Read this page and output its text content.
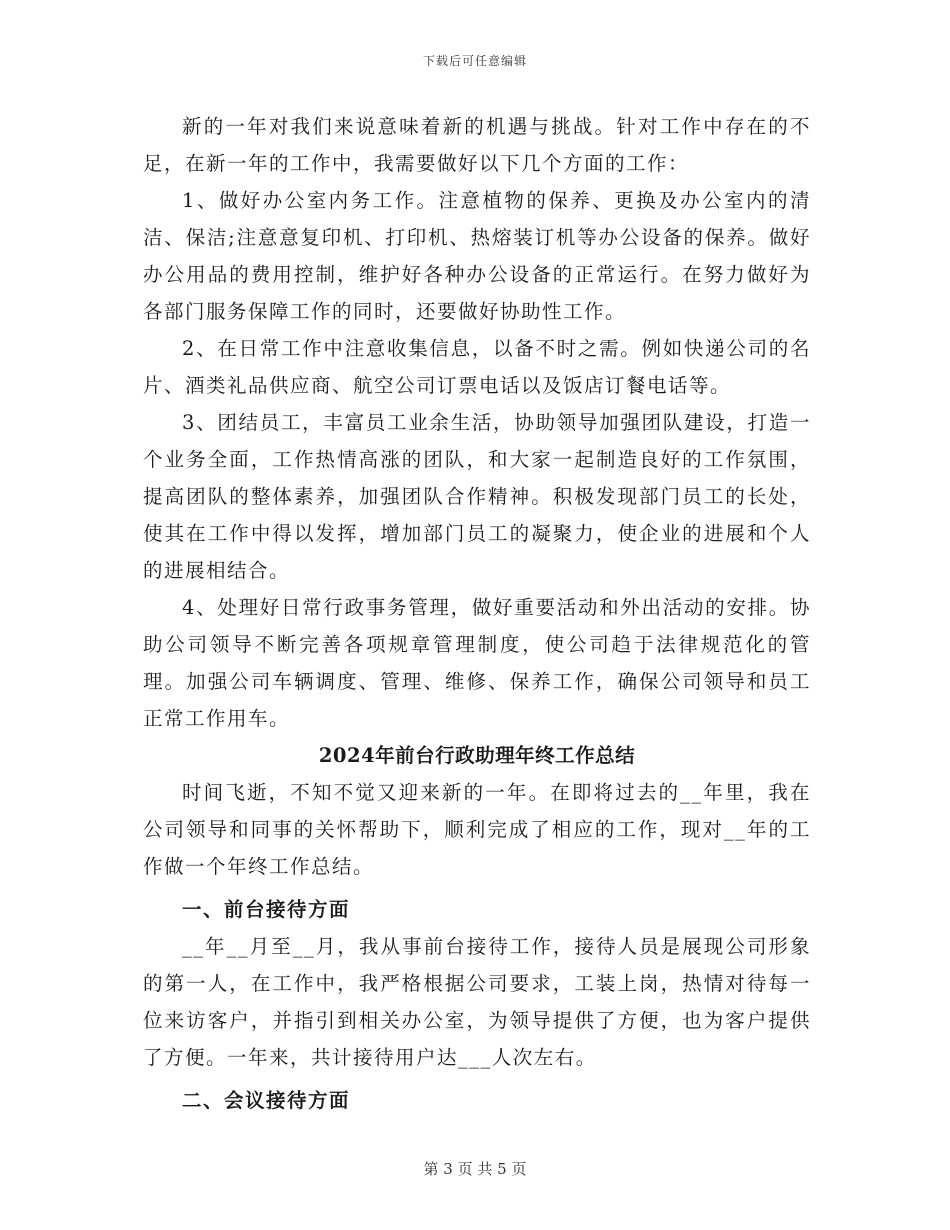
下载后可任意编辑

新的一年对我们来说意味着新的机遇与挑战。针对工作中存在的不足，在新一年的工作中，我需要做好以下几个方面的工作：

1、做好办公室内务工作。注意植物的保养、更换及办公室内的清洁、保洁;注意意复印机、打印机、热熔装订机等办公设备的保养。做好办公用品的费用控制，维护好各种办公设备的正常运行。在努力做好为各部门服务保障工作的同时，还要做好协助性工作。

2、在日常工作中注意收集信息，以备不时之需。例如快递公司的名片、酒类礼品供应商、航空公司订票电话以及饭店订餐电话等。

3、团结员工，丰富员工业余生活，协助领导加强团队建设，打造一个业务全面，工作热情高涨的团队，和大家一起制造良好的工作氛围，提高团队的整体素养，加强团队合作精神。积极发现部门员工的长处，使其在工作中得以发挥，增加部门员工的凝聚力，使企业的进展和个人的进展相结合。

4、处理好日常行政事务管理，做好重要活动和外出活动的安排。协助公司领导不断完善各项规章管理制度，使公司趋于法律规范化的管理。加强公司车辆调度、管理、维修、保养工作，确保公司领导和员工正常工作用车。

2024年前台行政助理年终工作总结

时间飞逝，不知不觉又迎来新的一年。在即将过去的__年里，我在公司领导和同事的关怀帮助下，顺利完成了相应的工作，现对__年的工作做一个年终工作总结。

一、前台接待方面

__年__月至__月，我从事前台接待工作，接待人员是展现公司形象的第一人，在工作中，我严格根据公司要求，工装上岗，热情对待每一位来访客户，并指引到相关办公室，为领导提供了方便，也为客户提供了方便。一年来，共计接待用户达___人次左右。

二、会议接待方面
第 3 页 共 5 页
